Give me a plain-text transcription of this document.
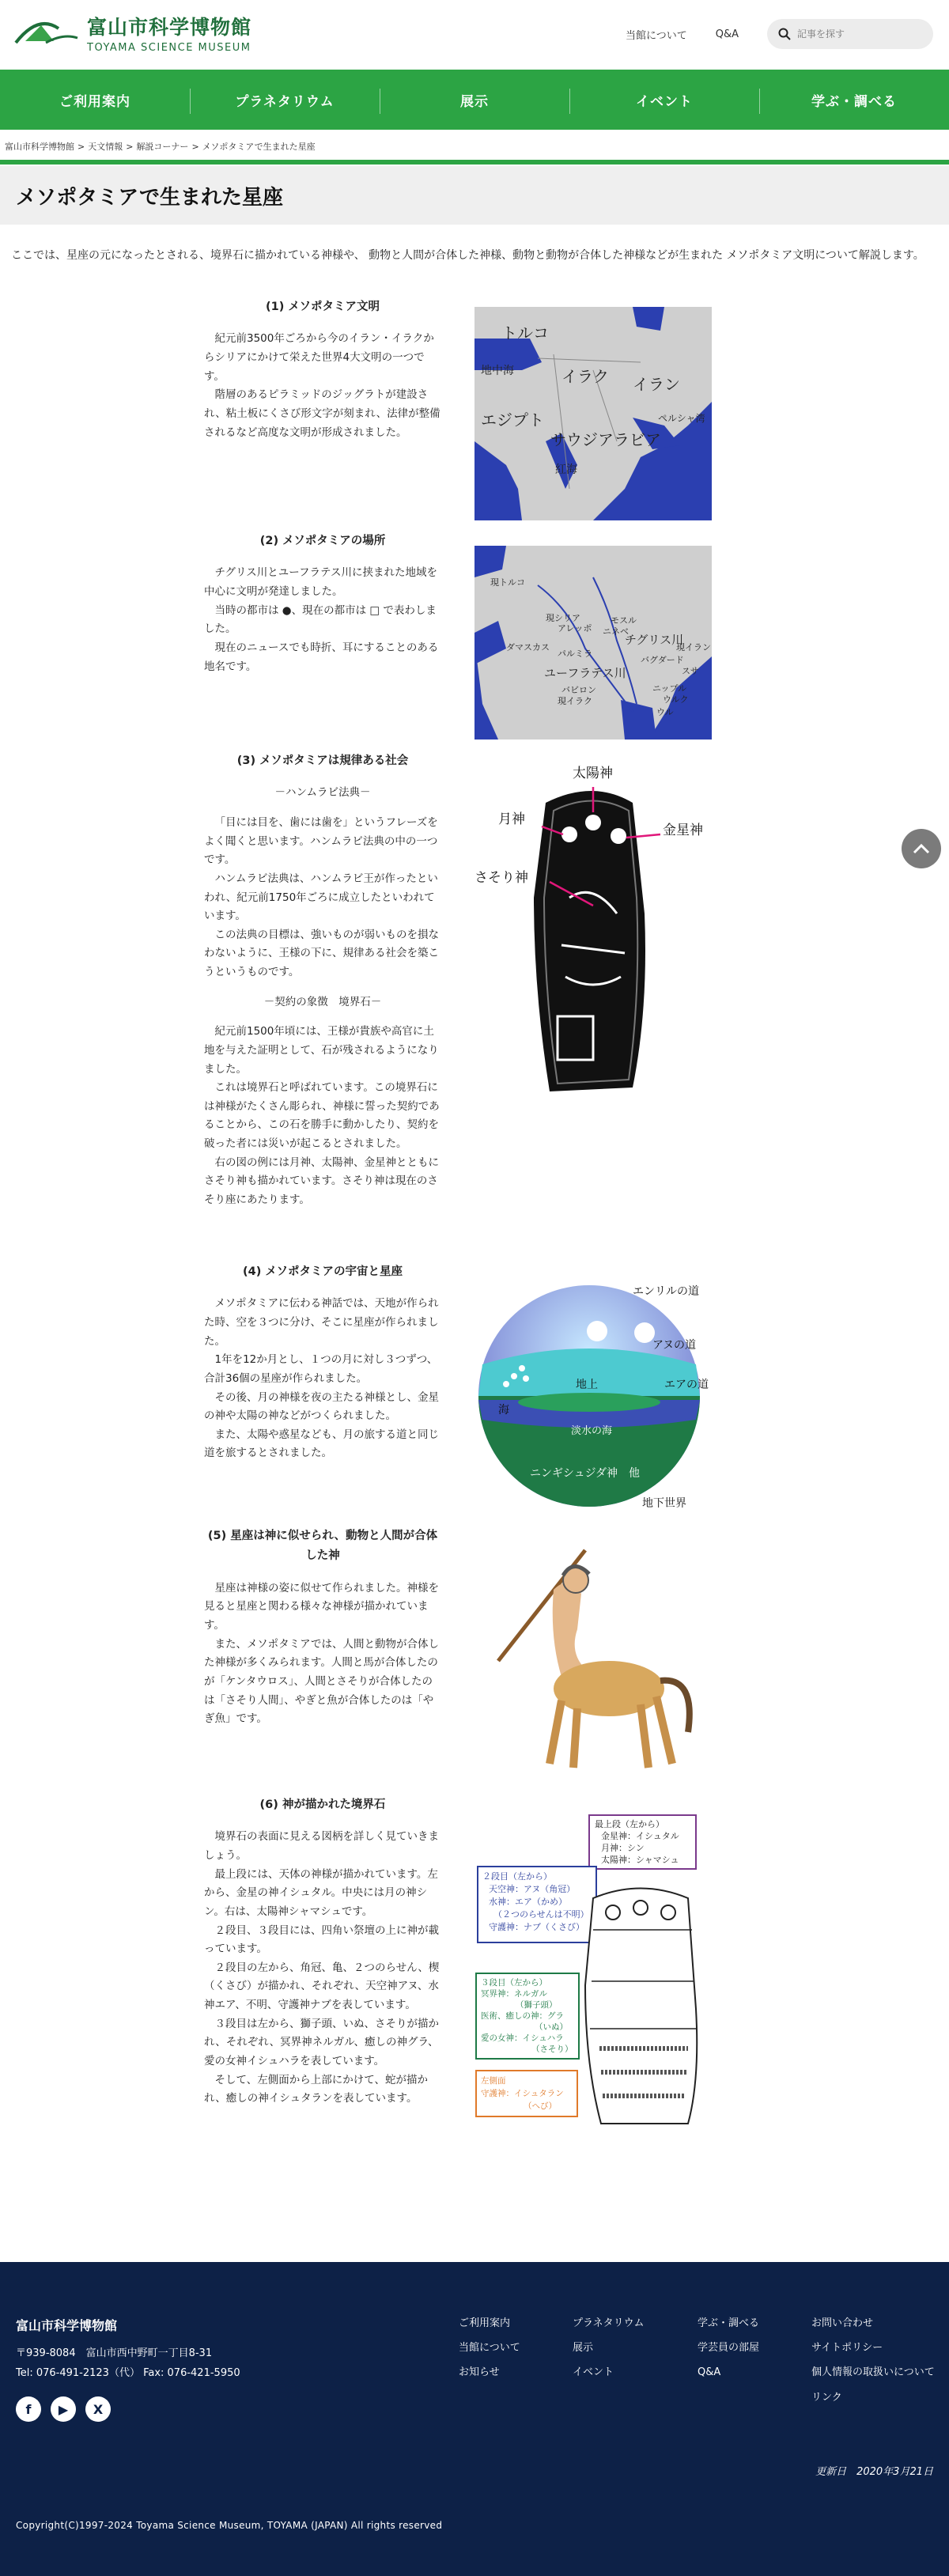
富山市科学博物館
TOYAMA SCIENCE MUSEUM
当館について	Q&A
記事を探す
ご利用案内	プラネタリウム	展示	イベント	学ぶ・調べる
富山市科学博物館 > 天文情報 > 解説コーナー > メソポタミアで生まれた星座
メソポタミアで生まれた星座

ここでは、星座の元になったとされる、境界石に描かれている神様や、 動物と人間が合体した神様、動物と動物が合体した神様などが生まれた メソポタミア文明について解説します。

(1) メソポタミア文明

紀元前3500年ごろから今のイラン・イラクからシリアにかけて栄えた世界4大文明の一つです。

階層のあるピラミッドのジッグラトが建設され、粘土板にくさび形文字が刻まれ、法律が整備されるなど高度な文明が形成されました。

トルコ
地中海	イラク イラン
エジプト
サウジアラビア
ペルシャ湾
紅海
(2) メソポタミアの場所

チグリス川とユーフラテス川に挟まれた地域を中心に文明が発達しました。

当時の都市は ●、現在の都市は □ で表わしました。

現在のニュースでも時折、耳にすることのある地名です。

現トルコ
現シリア
アレッポ
モスル
ニネベ
ダマスカス
チグリス川
パルミラ
バグダード
ユーフラテス川
現イラン
バビロン
スサ
ニップル
現イラク	ウルク
ウル
(3) メソポタミアは規律ある社会
－ハンムラビ法典－

「目には目を、歯には歯を」というフレーズをよく聞くと思います。ハンムラビ法典の中の一つです。

ハンムラビ法典は、ハンムラビ王が作ったといわれ、紀元前1750年ごろに成立したといわれています。

この法典の目標は、強いものが弱いものを損なわないように、王様の下に、規律ある社会を築こうというものです。

－契約の象徴　境界石－

紀元前1500年頃には、王様が貴族や高官に土地を与えた証明として、石が残されるようになりました。

これは境界石と呼ばれています。この境界石には神様がたくさん彫られ、神様に誓った契約であることから、この石を勝手に動かしたり、契約を破った者には災いが起こるとされました。

右の図の例には月神、太陽神、金星神とともにさそり神も描かれています。さそり神は現在のさそり座にあたります。

太陽神
月神
金星神
さそり神
(4) メソポタミアの宇宙と星座

メソポタミアに伝わる神話では、天地が作られた時、空を３つに分け、そこに星座が作られました。

1年を12か月とし、１つの月に対し３つずつ、合計36個の星座が作られました。

その後、月の神様を夜の主たる神様とし、金星の神や太陽の神などがつくられました。

また、太陽や惑星なども、月の旅する道と同じ道を旅するとされました。

エンリルの道
アヌの道
エアの道
地上
海
淡水の海
ニンギシュジダ神　他
地下世界
(5) 星座は神に似せられ、動物と人間が合体した神

星座は神様の姿に似せて作られました。神様を見ると星座と関わる様々な神様が描かれています。

また、メソポタミアでは、人間と動物が合体した神様が多くみられます。人間と馬が合体したのが「ケンタウロス」、人間とさそりが合体したのは「さそり人間」、やぎと魚が合体したのは「やぎ魚」です。

(6) 神が描かれた境界石

境界石の表面に見える図柄を詳しく見ていきましょう。

最上段には、天体の神様が描かれています。左から、金星の神イシュタル。中央には月の神シン。右は、太陽神シャマシュです。

２段目、３段目には、四角い祭壇の上に神が載っています。

２段目の左から、角冠、亀、２つのらせん、楔（くさび）が描かれ、それぞれ、天空神アヌ、水神エア、不明、守護神ナブを表しています。

３段目は左から、獅子頭、いぬ、さそりが描かれ、それぞれ、冥界神ネルガル、癒しの神グラ、愛の女神イシュハラを表しています。

そして、左側面から上部にかけて、蛇が描かれ、癒しの神イシュタランを表しています。

最上段（左から）
金星神：イシュタル
月神：シン
太陽神：シャマシュ
２段目（左から）
天空神：アヌ（角冠）
水神：エア（かめ）
（２つのらせんは不明）
守護神：ナブ（くさび）
３段目（左から）
冥界神：ネルガル
（獅子頭）
医術、癒しの神：グラ
（いぬ）
愛の女神：イシュハラ
（さそり）
左側面
守護神：イシュタラン
（へび）
富山市科学博物館
〒939-8084　富山市西中野町一丁目8-31
Tel: 076-491-2123（代） Fax: 076-421-5950
f	▶	X
ご利用案内
当館について
お知らせ
プラネタリウム
展示
イベント
学ぶ・調べる
学芸員の部屋
Q&A
お問い合わせ
サイトポリシー
個人情報の取扱いについて
リンク
更新日　2020年3月21日
Copyright(C)1997-2024 Toyama Science Museum, TOYAMA (JAPAN) All rights reserved
